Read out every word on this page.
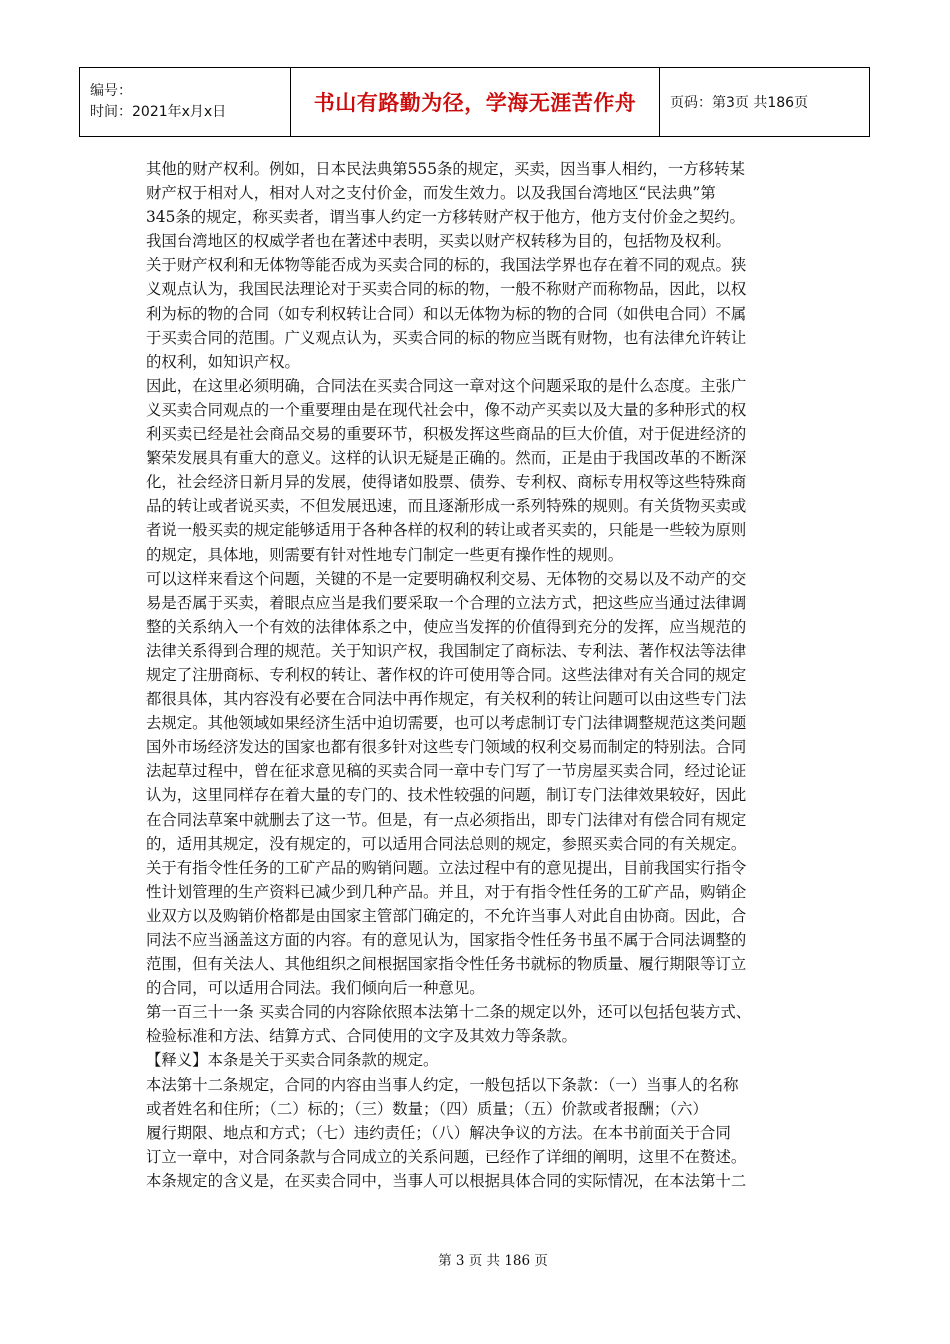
编号：
时间：2021年x月x日	书山有路勤为径，学海无涯苦作舟	页码：第3页 共186页
其他的财产权利。例如，日本民法典第555条的规定，买卖，因当事人相约，一方移转某
财产权于相对人，相对人对之支付价金，而发生效力。以及我国台湾地区“民法典”第
345条的规定，称买卖者，谓当事人约定一方移转财产权于他方，他方支付价金之契约。
我国台湾地区的权威学者也在著述中表明，买卖以财产权转移为目的，包括物及权利。
关于财产权利和无体物等能否成为买卖合同的标的，我国法学界也存在着不同的观点。狭
义观点认为，我国民法理论对于买卖合同的标的物，一般不称财产而称物品，因此，以权
利为标的物的合同（如专利权转让合同）和以无体物为标的物的合同（如供电合同）不属
于买卖合同的范围。广义观点认为，买卖合同的标的物应当既有财物，也有法律允许转让
的权利，如知识产权。
因此，在这里必须明确，合同法在买卖合同这一章对这个问题采取的是什么态度。主张广
义买卖合同观点的一个重要理由是在现代社会中，像不动产买卖以及大量的多种形式的权
利买卖已经是社会商品交易的重要环节，积极发挥这些商品的巨大价值，对于促进经济的
繁荣发展具有重大的意义。这样的认识无疑是正确的。然而，正是由于我国改革的不断深
化，社会经济日新月异的发展，使得诸如股票、债券、专利权、商标专用权等这些特殊商
品的转让或者说买卖，不但发展迅速，而且逐渐形成一系列特殊的规则。有关货物买卖或
者说一般买卖的规定能够适用于各种各样的权利的转让或者买卖的，只能是一些较为原则
的规定，具体地，则需要有针对性地专门制定一些更有操作性的规则。
可以这样来看这个问题，关键的不是一定要明确权利交易、无体物的交易以及不动产的交
易是否属于买卖，着眼点应当是我们要采取一个合理的立法方式，把这些应当通过法律调
整的关系纳入一个有效的法律体系之中，使应当发挥的价值得到充分的发挥，应当规范的
法律关系得到合理的规范。关于知识产权，我国制定了商标法、专利法、著作权法等法律
规定了注册商标、专利权的转让、著作权的许可使用等合同。这些法律对有关合同的规定
都很具体，其内容没有必要在合同法中再作规定，有关权利的转让问题可以由这些专门法
去规定。其他领域如果经济生活中迫切需要，也可以考虑制订专门法律调整规范这类问题
国外市场经济发达的国家也都有很多针对这些专门领域的权利交易而制定的特别法。合同
法起草过程中，曾在征求意见稿的买卖合同一章中专门写了一节房屋买卖合同，经过论证
认为，这里同样存在着大量的专门的、技术性较强的问题，制订专门法律效果较好，因此
在合同法草案中就删去了这一节。但是，有一点必须指出，即专门法律对有偿合同有规定
的，适用其规定，没有规定的，可以适用合同法总则的规定，参照买卖合同的有关规定。
关于有指令性任务的工矿产品的购销问题。立法过程中有的意见提出，目前我国实行指令
性计划管理的生产资料已减少到几种产品。并且，对于有指令性任务的工矿产品，购销企
业双方以及购销价格都是由国家主管部门确定的，不允许当事人对此自由协商。因此，合
同法不应当涵盖这方面的内容。有的意见认为，国家指令性任务书虽不属于合同法调整的
范围，但有关法人、其他组织之间根据国家指令性任务书就标的物质量、履行期限等订立
的合同，可以适用合同法。我们倾向后一种意见。
第一百三十一条 买卖合同的内容除依照本法第十二条的规定以外，还可以包括包装方式、
检验标准和方法、结算方式、合同使用的文字及其效力等条款。
【释义】本条是关于买卖合同条款的规定。
本法第十二条规定，合同的内容由当事人约定，一般包括以下条款：（一）当事人的名称
或者姓名和住所；（二）标的；（三）数量；（四）质量；（五）价款或者报酬；（六）
履行期限、地点和方式；（七）违约责任；（八）解决争议的方法。在本书前面关于合同
订立一章中，对合同条款与合同成立的关系问题，已经作了详细的阐明，这里不在赘述。
本条规定的含义是，在买卖合同中，当事人可以根据具体合同的实际情况，在本法第十二
第 3 页 共 186 页
